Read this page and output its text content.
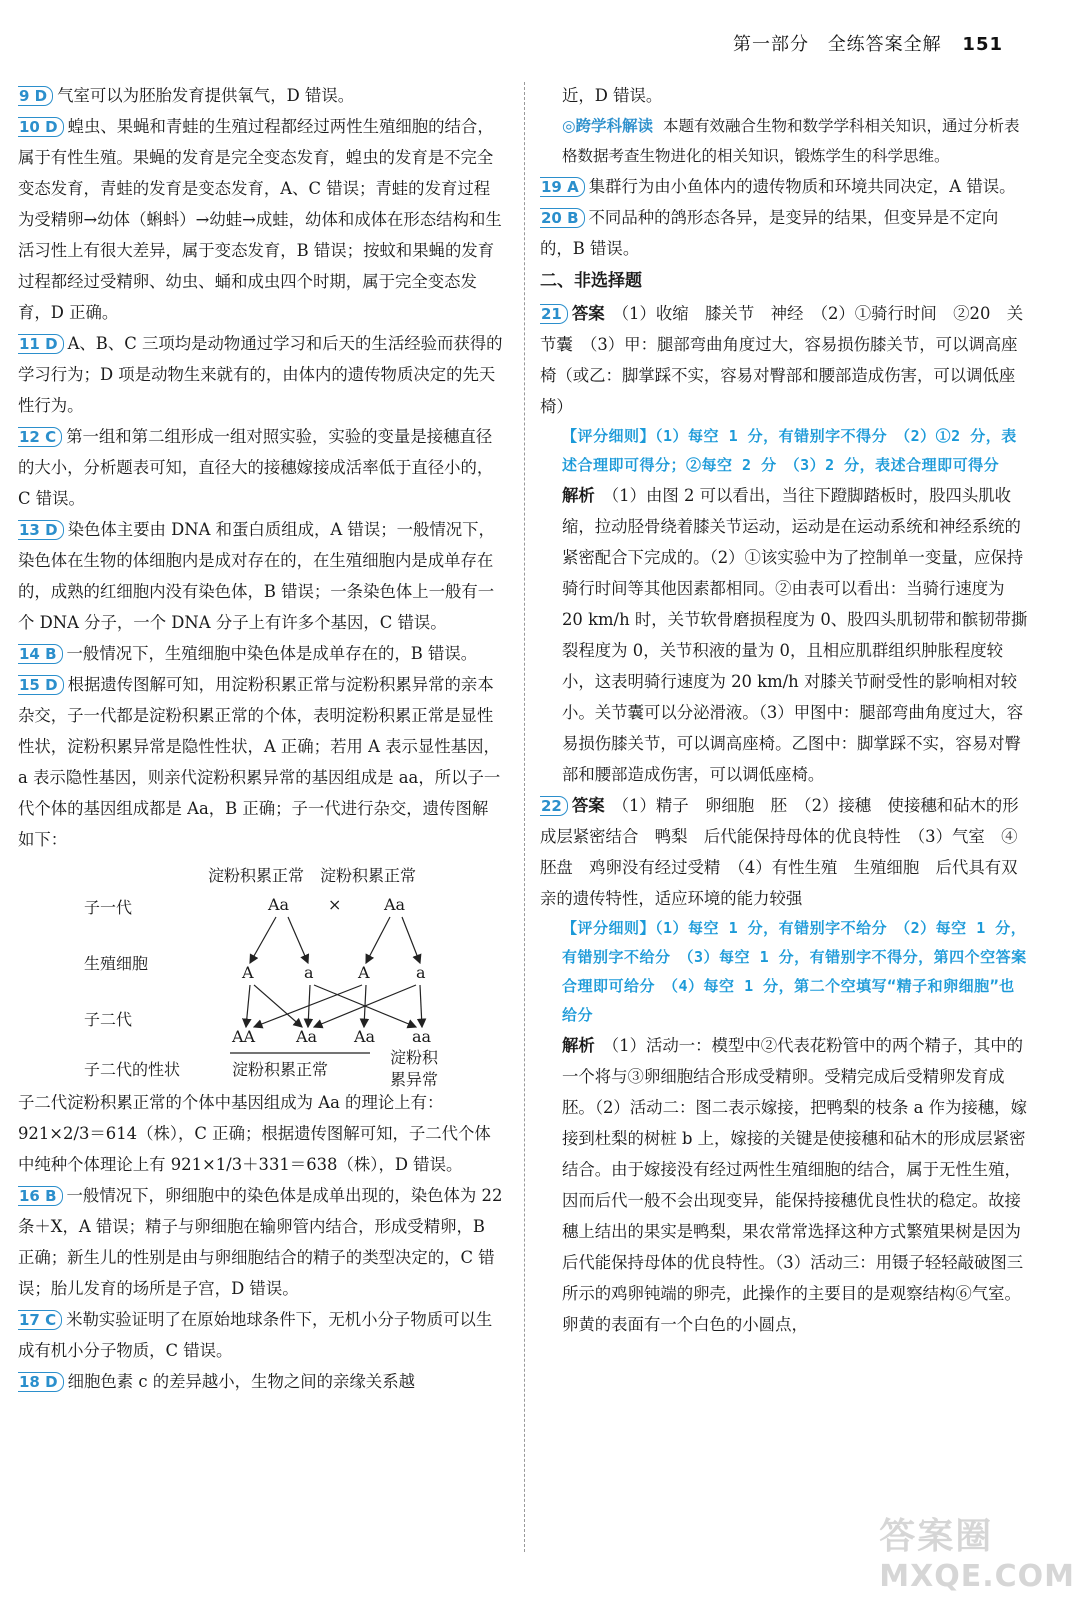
第一部分 全练答案全解 151

9 D 气室可以为胚胎发育提供氧气，D 错误。

10 D 蝗虫、果蝇和青蛙的生殖过程都经过两性生殖细胞的结合，属于有性生殖。果蝇的发育是完全变态发育，蝗虫的发育是不完全变态发育，青蛙的发育是变态发育，A、C 错误；青蛙的发育过程为受精卵→幼体（蝌蚪）→幼蛙→成蛙，幼体和成体在形态结构和生活习性上有很大差异，属于变态发育，B 错误；按蚊和果蝇的发育过程都经过受精卵、幼虫、蛹和成虫四个时期，属于完全变态发育，D 正确。

11 D A、B、C 三项均是动物通过学习和后天的生活经验而获得的学习行为；D 项是动物生来就有的，由体内的遗传物质决定的先天性行为。

12 C 第一组和第二组形成一组对照实验，实验的变量是接穗直径的大小，分析题表可知，直径大的接穗嫁接成活率低于直径小的，C 错误。

13 D 染色体主要由 DNA 和蛋白质组成，A 错误；一般情况下，染色体在生物的体细胞内是成对存在的，在生殖细胞内是成单存在的，成熟的红细胞内没有染色体，B 错误；一条染色体上一般有一个 DNA 分子，一个 DNA 分子上有许多个基因，C 错误。

14 B 一般情况下，生殖细胞中染色体是成单存在的，B 错误。

15 D 根据遗传图解可知，用淀粉积累正常与淀粉积累异常的亲本杂交，子一代都是淀粉积累正常的个体，表明淀粉积累正常是显性性状，淀粉积累异常是隐性性状，A 正确；若用 A 表示显性基因，a 表示隐性基因，则亲代淀粉积累异常的基因组成是 aa，所以子一代个体的基因组成都是 Aa，B 正确；子一代进行杂交，遗传图解如下：

淀粉积累正常　淀粉积累正常
子一代	Aa ×	Aa
生殖细胞	A	a	A	a
子二代
AA	Aa Aa aa
子二代的性状	淀粉积累正常
淀粉积
累异常

子二代淀粉积累正常的个体中基因组成为 Aa 的理论上有：921×2/3＝614（株），C 正确；根据遗传图解可知，子二代个体中纯种个体理论上有 921×1/3＋331＝638（株），D 错误。

16 B 一般情况下，卵细胞中的染色体是成单出现的，染色体为 22 条＋X，A 错误；精子与卵细胞在输卵管内结合，形成受精卵，B 正确；新生儿的性别是由与卵细胞结合的精子的类型决定的，C 错误；胎儿发育的场所是子宫，D 错误。

17 C 米勒实验证明了在原始地球条件下，无机小分子物质可以生成有机小分子物质，C 错误。

18 D 细胞色素 c 的差异越小，生物之间的亲缘关系越

近，D 错误。

◎跨学科解读 本题有效融合生物和数学学科相关知识，通过分析表格数据考查生物进化的相关知识，锻炼学生的科学思维。

19 A 集群行为由小鱼体内的遗传物质和环境共同决定，A 错误。

20 B 不同品种的鸽形态各异，是变异的结果，但变异是不定向的，B 错误。

二、非选择题

21 答案 （1）收缩　膝关节　神经　（2）①骑行时间　②20　关节囊　（3）甲：腿部弯曲角度过大，容易损伤膝关节，可以调高座椅（或乙：脚掌踩不实，容易对臀部和腰部造成伤害，可以调低座椅）

【评分细则】（1）每空 1 分，有错别字不得分　（2）①2 分，表述合理即可得分；②每空 2 分　（3）2 分，表述合理即可得分

解析 （1）由图 2 可以看出，当往下蹬脚踏板时，股四头肌收缩，拉动胫骨绕着膝关节运动，运动是在运动系统和神经系统的紧密配合下完成的。（2）①该实验中为了控制单一变量，应保持骑行时间等其他因素都相同。②由表可以看出：当骑行速度为 20 km/h 时，关节软骨磨损程度为 0、股四头肌韧带和髌韧带撕裂程度为 0，关节积液的量为 0，且相应肌群组织肿胀程度较小，这表明骑行速度为 20 km/h 对膝关节耐受性的影响相对较小。关节囊可以分泌滑液。（3）甲图中：腿部弯曲角度过大，容易损伤膝关节，可以调高座椅。乙图中：脚掌踩不实，容易对臀部和腰部造成伤害，可以调低座椅。

22 答案 （1）精子　卵细胞　胚　（2）接穗　使接穗和砧木的形成层紧密结合　鸭梨　后代能保持母体的优良特性　（3）气室　④　胚盘　鸡卵没有经过受精　（4）有性生殖　生殖细胞　后代具有双亲的遗传特性，适应环境的能力较强

【评分细则】（1）每空 1 分，有错别字不给分　（2）每空 1 分，有错别字不给分　（3）每空 1 分，有错别字不得分，第四个空答案合理即可给分　（4）每空 1 分，第二个空填写“精子和卵细胞”也给分

解析 （1）活动一：模型中②代表花粉管中的两个精子，其中的一个将与③卵细胞结合形成受精卵。受精完成后受精卵发育成胚。（2）活动二：图二表示嫁接，把鸭梨的枝条 a 作为接穗，嫁接到杜梨的树桩 b 上，嫁接的关键是使接穗和砧木的形成层紧密结合。由于嫁接没有经过两性生殖细胞的结合，属于无性生殖，因而后代一般不会出现变异，能保持接穗优良性状的稳定。故接穗上结出的果实是鸭梨，果农常常选择这种方式繁殖果树是因为后代能保持母体的优良特性。（3）活动三：用镊子轻轻敲破图三所示的鸡卵钝端的卵壳，此操作的主要目的是观察结构⑥气室。卵黄的表面有一个白色的小圆点，

答案圈
MXQE.COM
